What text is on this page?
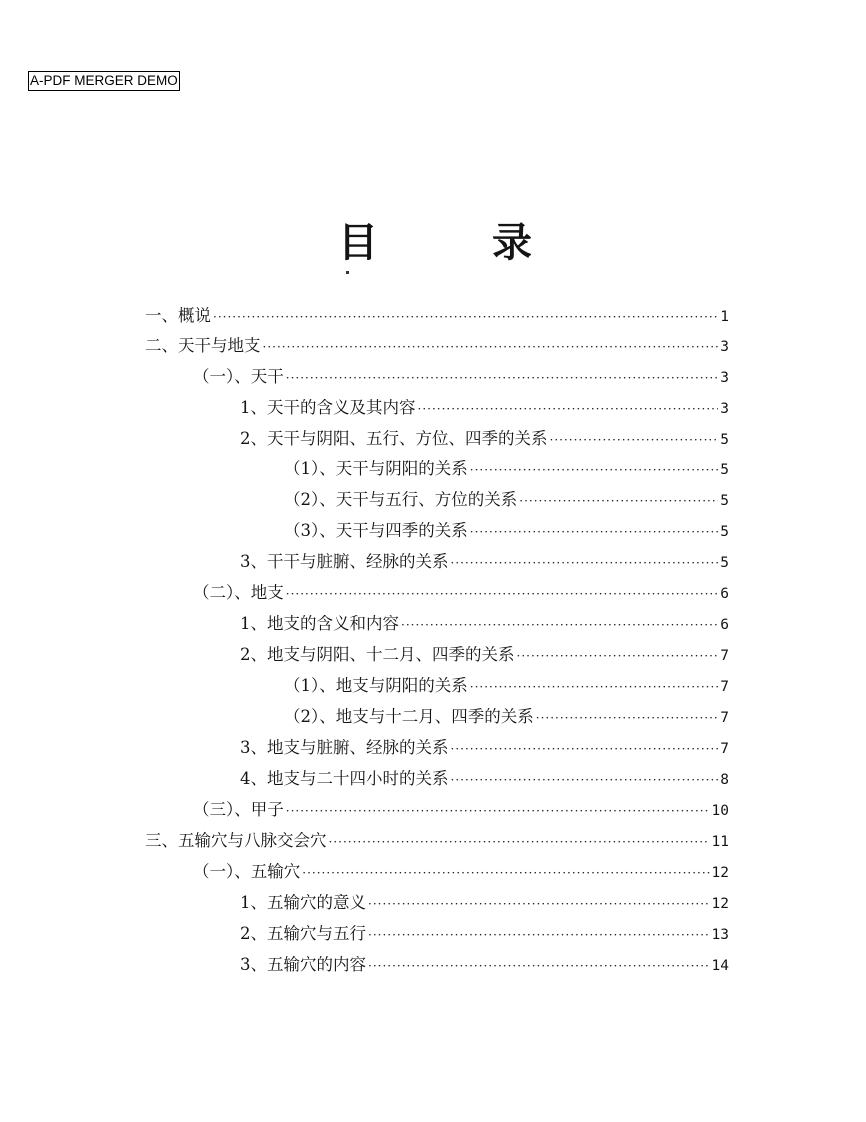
A-PDF MERGER DEMO
目	录
一、概说 ·····	1
二、天干与地支 ·····	3
（一）、天干 ·····	3
1、天干的含义及其内容 ·····	3
2、天干与阴阳、五行、方位、四季的关系 ·····	5
（1）、天干与阴阳的关系 ·····	5
（2）、天干与五行、方位的关系 ·····	5
（3）、天干与四季的关系 ·····	5
3、干干与脏腑、经脉的关系 ·····	5
（二）、地支 ·····	6
1、地支的含义和内容 ·····	6
2、地支与阴阳、十二月、四季的关系 ·····	7
（1）、地支与阴阳的关系 ·····	7
（2）、地支与十二月、四季的关系 ·····	7
3、地支与脏腑、经脉的关系 ·····	7
4、地支与二十四小时的关系 ·····	8
（三）、甲子 ·····	10
三、五输穴与八脉交会穴 ·····	11
（一）、五输穴 ·····	12
1、五输穴的意义 ·····	12
2、五输穴与五行 ·····	13
3、五输穴的内容 ·····	14
